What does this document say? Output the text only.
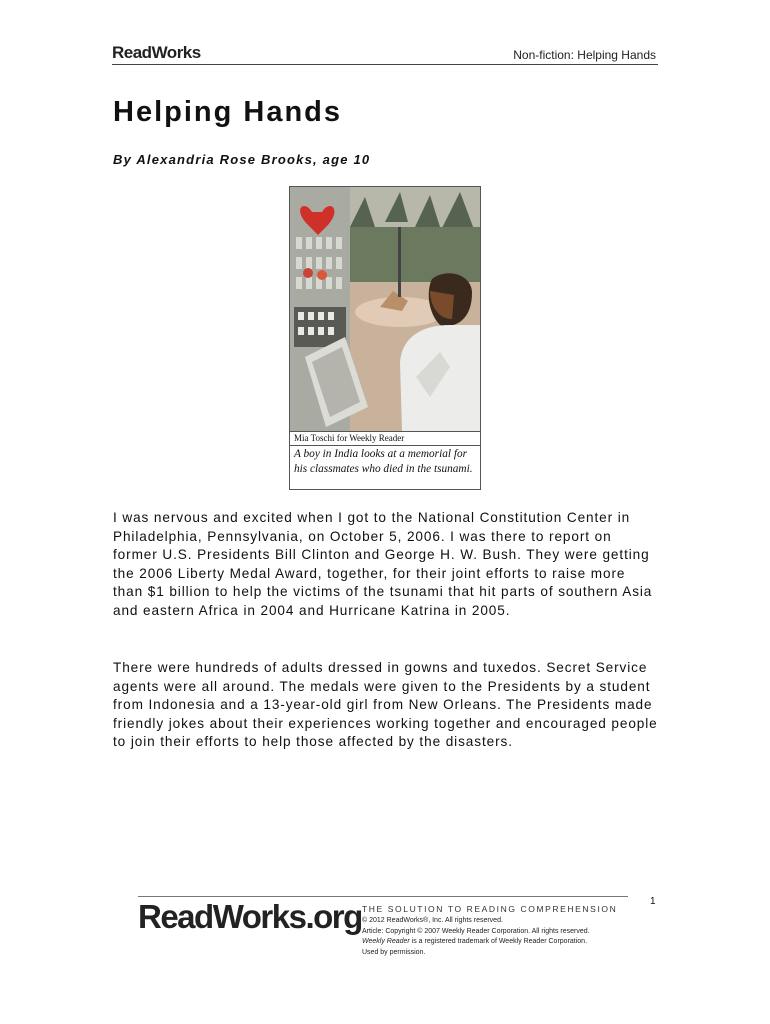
ReadWorks	Non-fiction: Helping Hands
Helping Hands
By Alexandria Rose Brooks, age 10
Mia Toschi for Weekly Reader
A boy in India looks at a memorial for his classmates who died in the tsunami.

I was nervous and excited when I got to the National Constitution Center in Philadelphia, Pennsylvania, on October 5, 2006. I was there to report on former U.S. Presidents Bill Clinton and George H. W. Bush. They were getting the 2006 Liberty Medal Award, together, for their joint efforts to raise more than $1 billion to help the victims of the tsunami that hit parts of southern Asia and eastern Africa in 2004 and Hurricane Katrina in 2005.

There were hundreds of adults dressed in gowns and tuxedos. Secret Service agents were all around. The medals were given to the Presidents by a student from Indonesia and a 13-year-old girl from New Orleans. The Presidents made friendly jokes about their experiences working together and encouraged people to join their efforts to help those affected by the disasters.

1
ReadWorks.org THE SOLUTION TO READING COMPREHENSION
© 2012 ReadWorks®, Inc. All rights reserved.
Article: Copyright © 2007 Weekly Reader Corporation. All rights reserved.
Weekly Reader is a registered trademark of Weekly Reader Corporation.
Used by permission.
